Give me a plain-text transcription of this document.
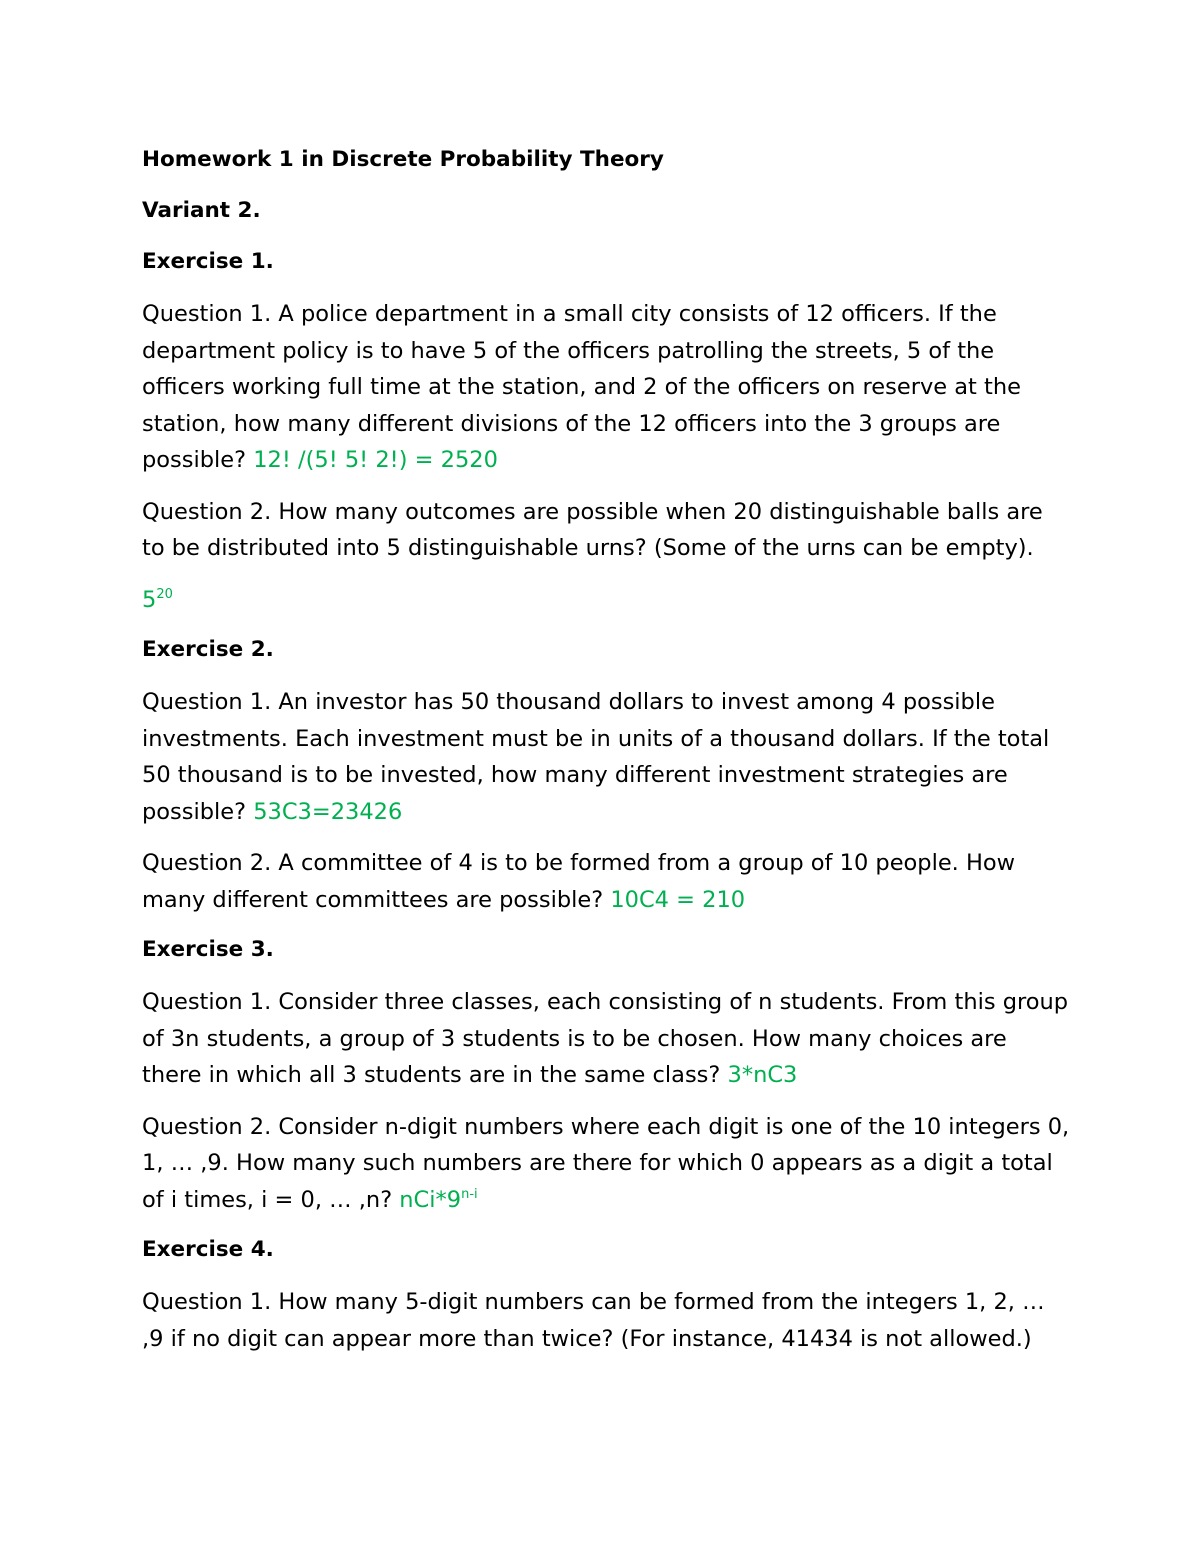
Homework 1 in Discrete Probability Theory
Variant 2.
Exercise 1.
Question 1. A police department in a small city consists of 12 officers. If the department policy is to have 5 of the officers patrolling the streets, 5 of the officers working full time at the station, and 2 of the officers on reserve at the station, how many different divisions of the 12 officers into the 3 groups are possible? 12! /(5! 5! 2!) = 2520
Question 2. How many outcomes are possible when 20 distinguishable balls are to be distributed into 5 distinguishable urns? (Some of the urns can be empty).
$5^{20}$
Exercise 2.
Question 1. An investor has 50 thousand dollars to invest among 4 possible investments. Each investment must be in units of a thousand dollars. If the total 50 thousand is to be invested, how many different investment strategies are possible? 53C3=23426
Question 2. A committee of 4 is to be formed from a group of 10 people. How many different committees are possible? 10C4 = 210
Exercise 3.
Question 1. Consider three classes, each consisting of n students. From this group of 3n students, a group of 3 students is to be chosen. How many choices are there in which all 3 students are in the same class? 3*nC3
Question 2. Consider n-digit numbers where each digit is one of the 10 integers 0, 1, … ,9. How many such numbers are there for which 0 appears as a digit a total of i times, i = 0, … ,n? nCi*9$^{n-i}$
Exercise 4.
Question 1. How many 5-digit numbers can be formed from the integers 1, 2, … ,9 if no digit can appear more than twice? (For instance, 41434 is not allowed.)
